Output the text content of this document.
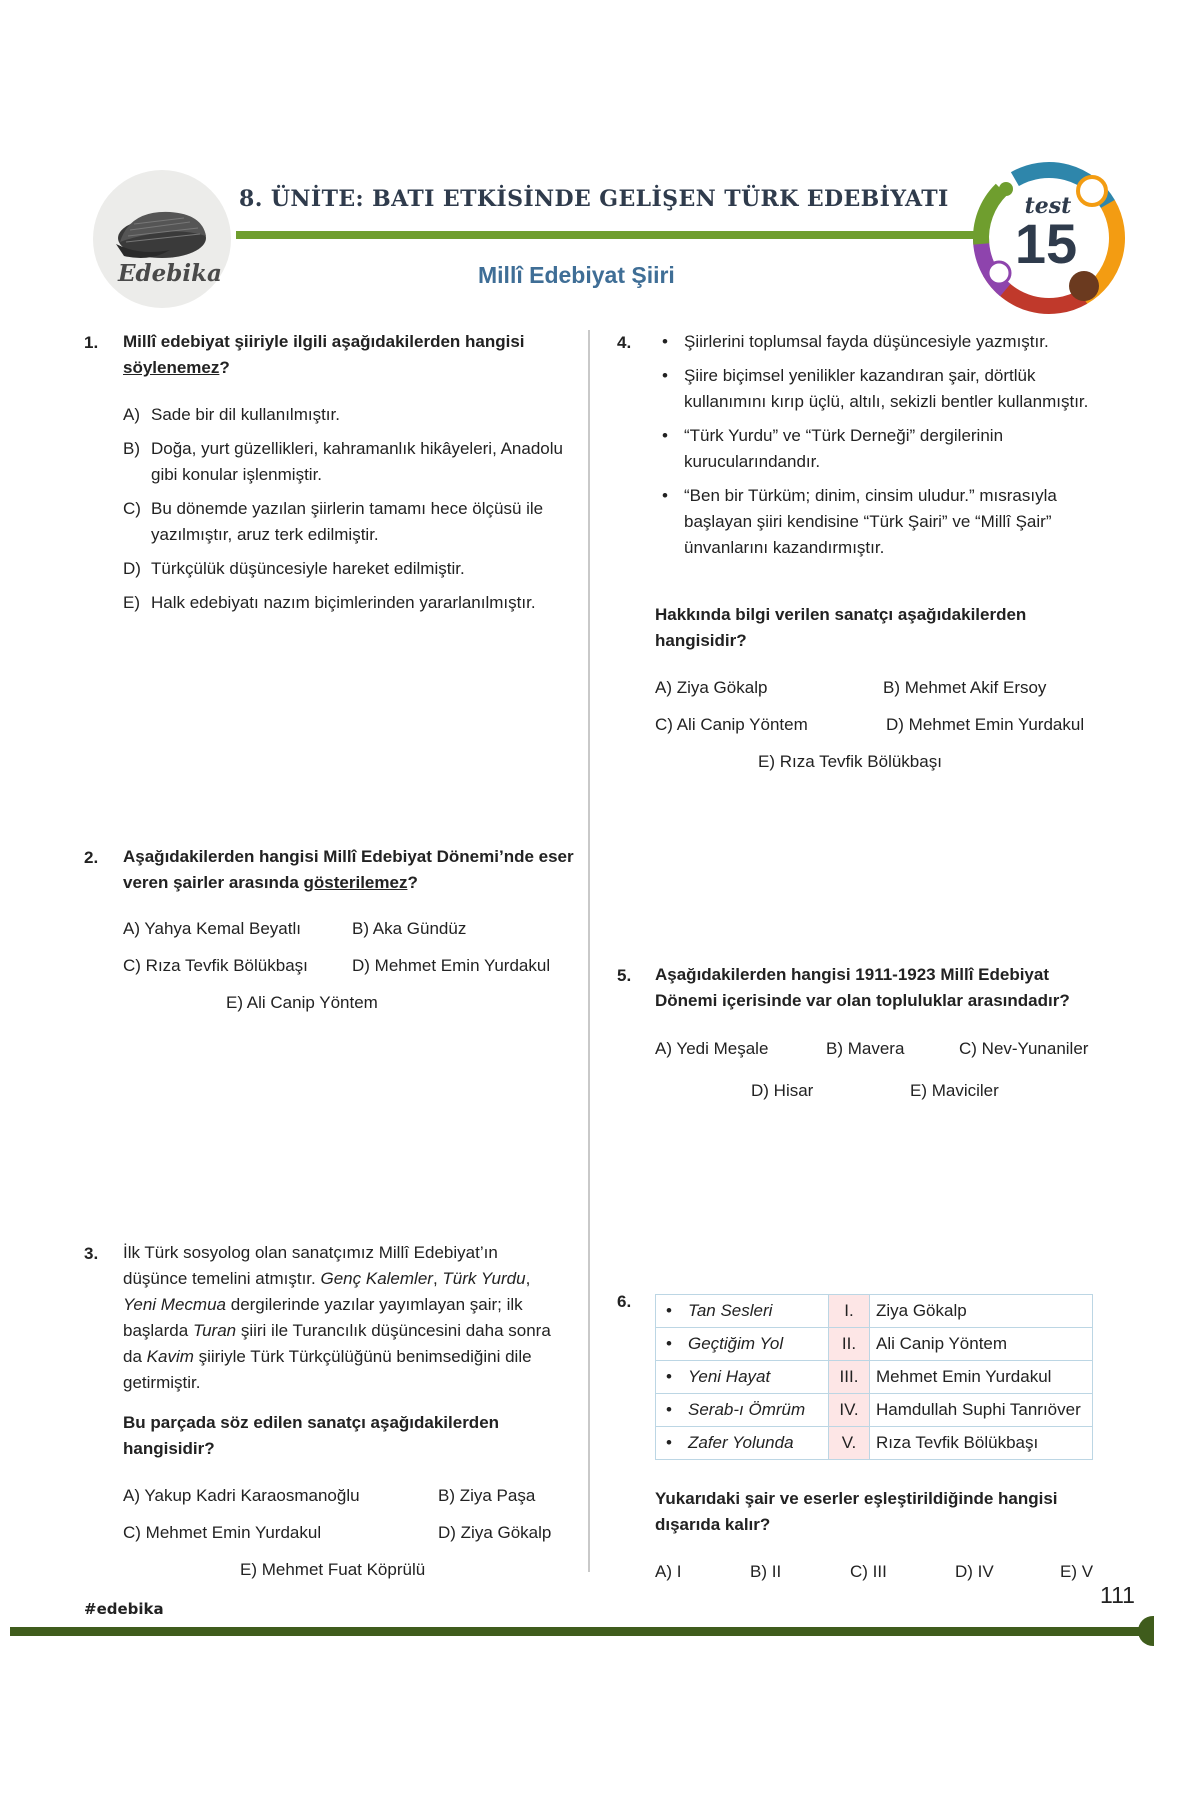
Edebika
8. ÜNİTE: BATI ETKİSİNDE GELİŞEN TÜRK EDEBİYATI
Millî Edebiyat Şiiri
test
15
1. Millî edebiyat şiiriyle ilgili aşağıdakilerden hangisi söylenemez?
A) Sade bir dil kullanılmıştır.
B) Doğa, yurt güzellikleri, kahramanlık hikâyeleri, Anadolu gibi konular işlenmiştir.
C) Bu dönemde yazılan şiirlerin tamamı hece ölçüsü ile yazılmıştır, aruz terk edilmiştir.
D) Türkçülük düşüncesiyle hareket edilmiştir.
E) Halk edebiyatı nazım biçimlerinden yararlanılmıştır.
2. Aşağıdakilerden hangisi Millî Edebiyat Dönemi’nde eser veren şairler arasında gösterilemez?
A) Yahya Kemal Beyatlı	B) Aka Gündüz
C) Rıza Tevfik Bölükbaşı	D) Mehmet Emin Yurdakul
E) Ali Canip Yöntem
3. İlk Türk sosyolog olan sanatçımız Millî Edebiyat’ın düşünce temelini atmıştır. Genç Kalemler, Türk Yurdu, Yeni Mecmua dergilerinde yazılar yayımlayan şair; ilk başlarda Turan şiiri ile Turancılık düşüncesini daha sonra da Kavim şiiriyle Türk Türkçülüğünü benimsediğini dile getirmiştir.
Bu parçada söz edilen sanatçı aşağıdakilerden hangisidir?
A) Yakup Kadri Karaosmanoğlu	B) Ziya Paşa
C) Mehmet Emin Yurdakul	D) Ziya Gökalp
E) Mehmet Fuat Köprülü
4.	• Şiirlerini toplumsal fayda düşüncesiyle yazmıştır.
• Şiire biçimsel yenilikler kazandıran şair, dörtlük kullanımını kırıp üçlü, altılı, sekizli bentler kullanmıştır.
• “Türk Yurdu” ve “Türk Derneği” dergilerinin kurucularındandır.
• “Ben bir Türküm; dinim, cinsim uludur.” mısrasıyla başlayan şiiri kendisine “Türk Şairi” ve “Millî Şair” ünvanlarını kazandırmıştır.
Hakkında bilgi verilen sanatçı aşağıdakilerden hangisidir?
A) Ziya Gökalp	B) Mehmet Akif Ersoy
C) Ali Canip Yöntem	D) Mehmet Emin Yurdakul
E) Rıza Tevfik Bölükbaşı
5. Aşağıdakilerden hangisi 1911-1923 Millî Edebiyat Dönemi içerisinde var olan topluluklar arasındadır?
A) Yedi Meşale	B) Mavera	C) Nev-Yunaniler
D) Hisar	E) Maviciler
6. •	Tan Sesleri	I.	Ziya Gökalp
•	Geçtiğim Yol	II.	Ali Canip Yöntem
•	Yeni Hayat	III.	Mehmet Emin Yurdakul
•	Serab-ı Ömrüm	IV.	Hamdullah Suphi Tanrıöver
•	Zafer Yolunda	V.	Rıza Tevfik Bölükbaşı
Yukarıdaki şair ve eserler eşleştirildiğinde hangisi dışarıda kalır?
A) I	B) II	C) III	D) IV	E) V
#edebika
111
